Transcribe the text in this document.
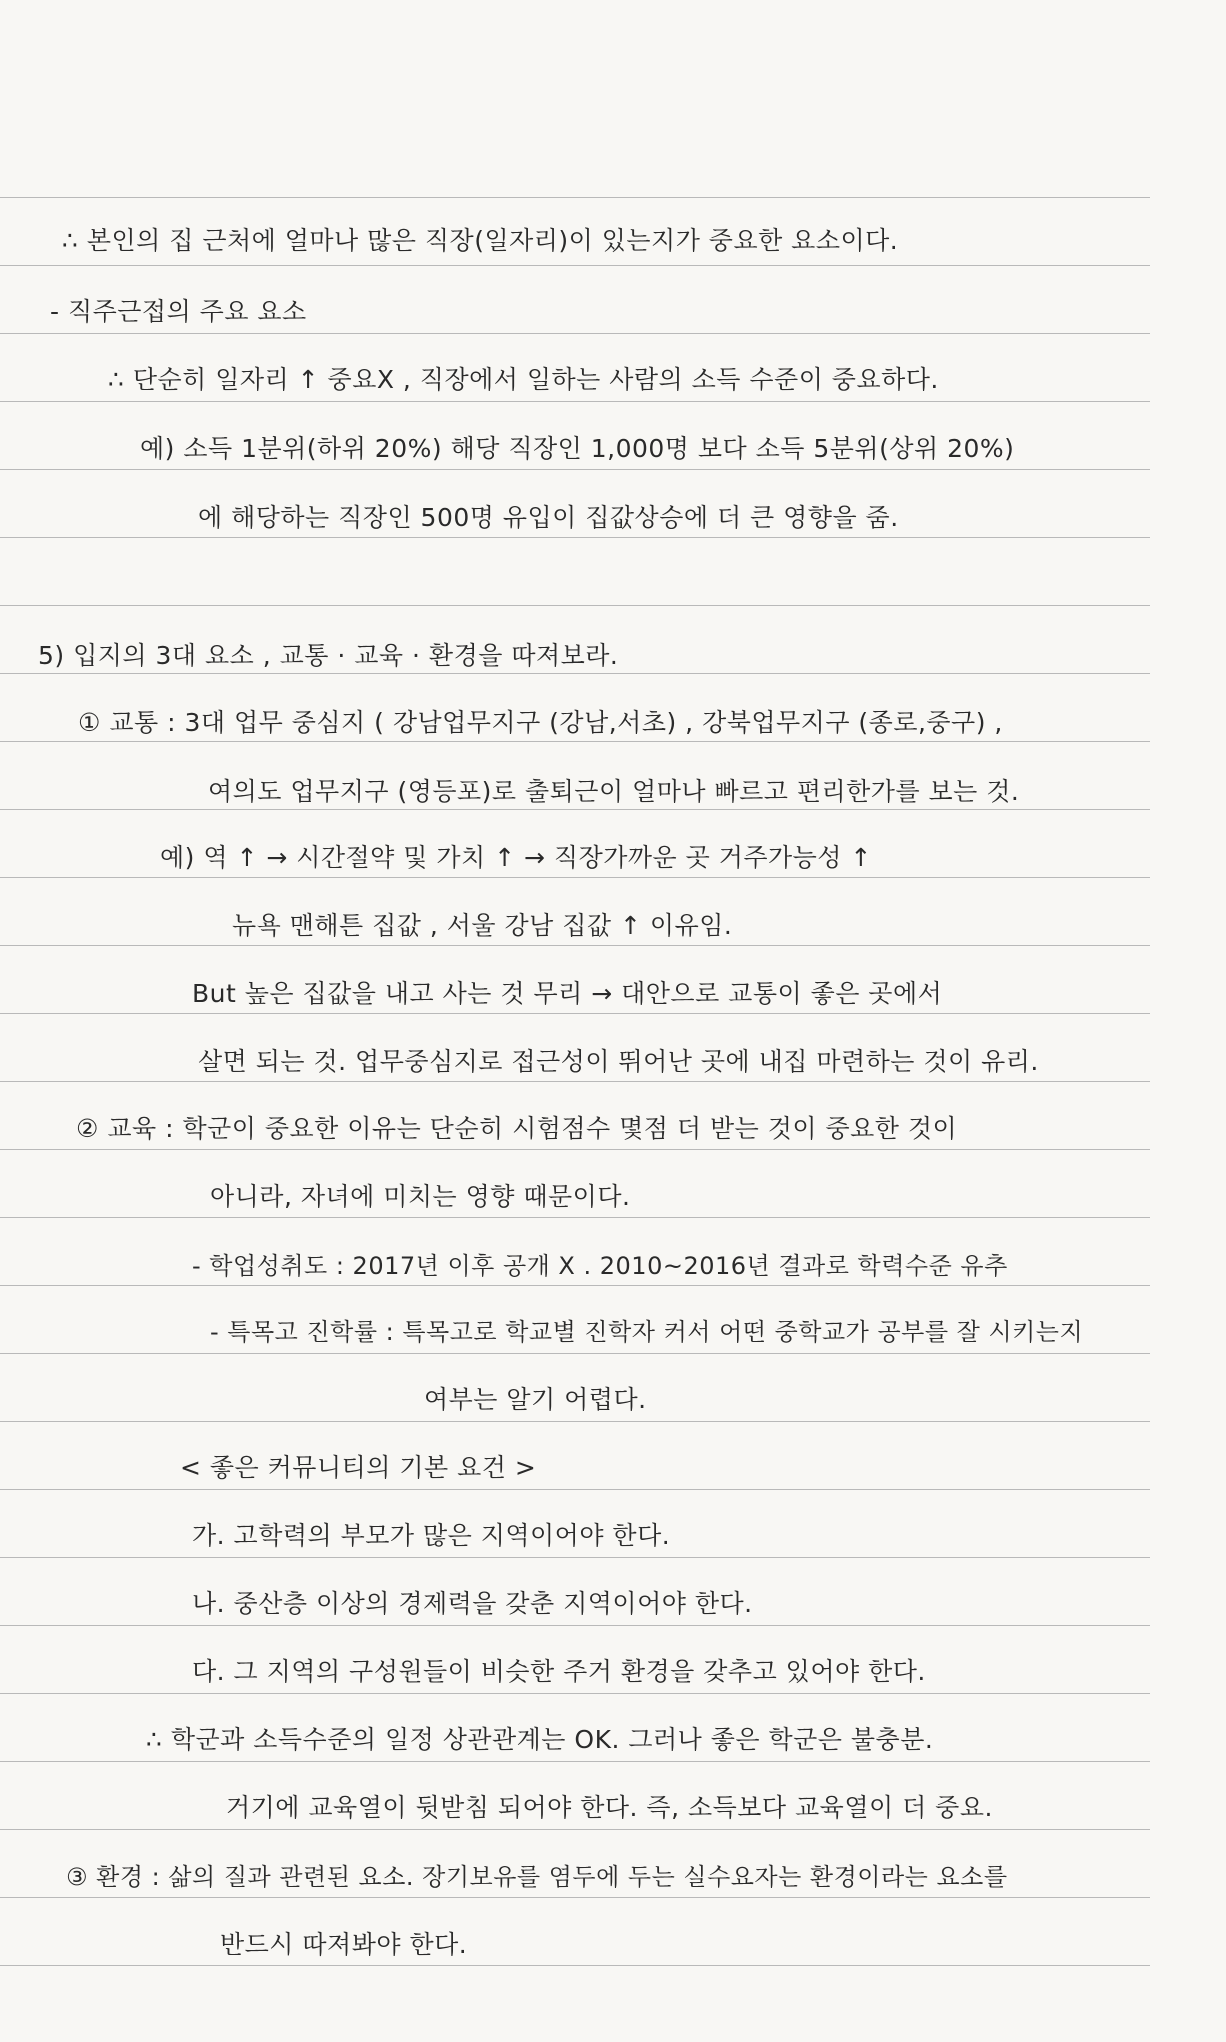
∴ 본인의 집 근처에 얼마나 많은 직장(일자리)이 있는지가 중요한 요소이다.
- 직주근접의 주요 요소
∴ 단순히 일자리 ↑ 중요X , 직장에서 일하는 사람의 소득 수준이 중요하다.
예) 소득 1분위(하위 20%) 해당 직장인 1,000명 보다 소득 5분위(상위 20%)
에 해당하는 직장인 500명 유입이 집값상승에 더 큰 영향을 줌.
5) 입지의 3대 요소 , 교통 · 교육 · 환경을 따져보라.
① 교통 : 3대 업무 중심지 ( 강남업무지구 (강남,서초) , 강북업무지구 (종로,중구) ,
여의도 업무지구 (영등포)로 출퇴근이 얼마나 빠르고 편리한가를 보는 것.
예) 역 ↑ → 시간절약 및 가치 ↑ → 직장가까운 곳 거주가능성 ↑
뉴욕 맨해튼 집값 , 서울 강남 집값 ↑ 이유임.
But 높은 집값을 내고 사는 것 무리 → 대안으로 교통이 좋은 곳에서
살면 되는 것. 업무중심지로 접근성이 뛰어난 곳에 내집 마련하는 것이 유리.
② 교육 : 학군이 중요한 이유는 단순히 시험점수 몇점 더 받는 것이 중요한 것이
아니라, 자녀에 미치는 영향 때문이다.
- 학업성취도 : 2017년 이후 공개 X . 2010~2016년 결과로 학력수준 유추
- 특목고 진학률 : 특목고로 학교별 진학자 커서 어떤 중학교가 공부를 잘 시키는지
여부는 알기 어렵다.
< 좋은 커뮤니티의 기본 요건 >
가. 고학력의 부모가 많은 지역이어야 한다.
나. 중산층 이상의 경제력을 갖춘 지역이어야 한다.
다. 그 지역의 구성원들이 비슷한 주거 환경을 갖추고 있어야 한다.
∴ 학군과 소득수준의 일정 상관관계는 OK. 그러나 좋은 학군은 불충분.
거기에 교육열이 뒷받침 되어야 한다. 즉, 소득보다 교육열이 더 중요.
③ 환경 : 삶의 질과 관련된 요소. 장기보유를 염두에 두는 실수요자는 환경이라는 요소를
반드시 따져봐야 한다.
